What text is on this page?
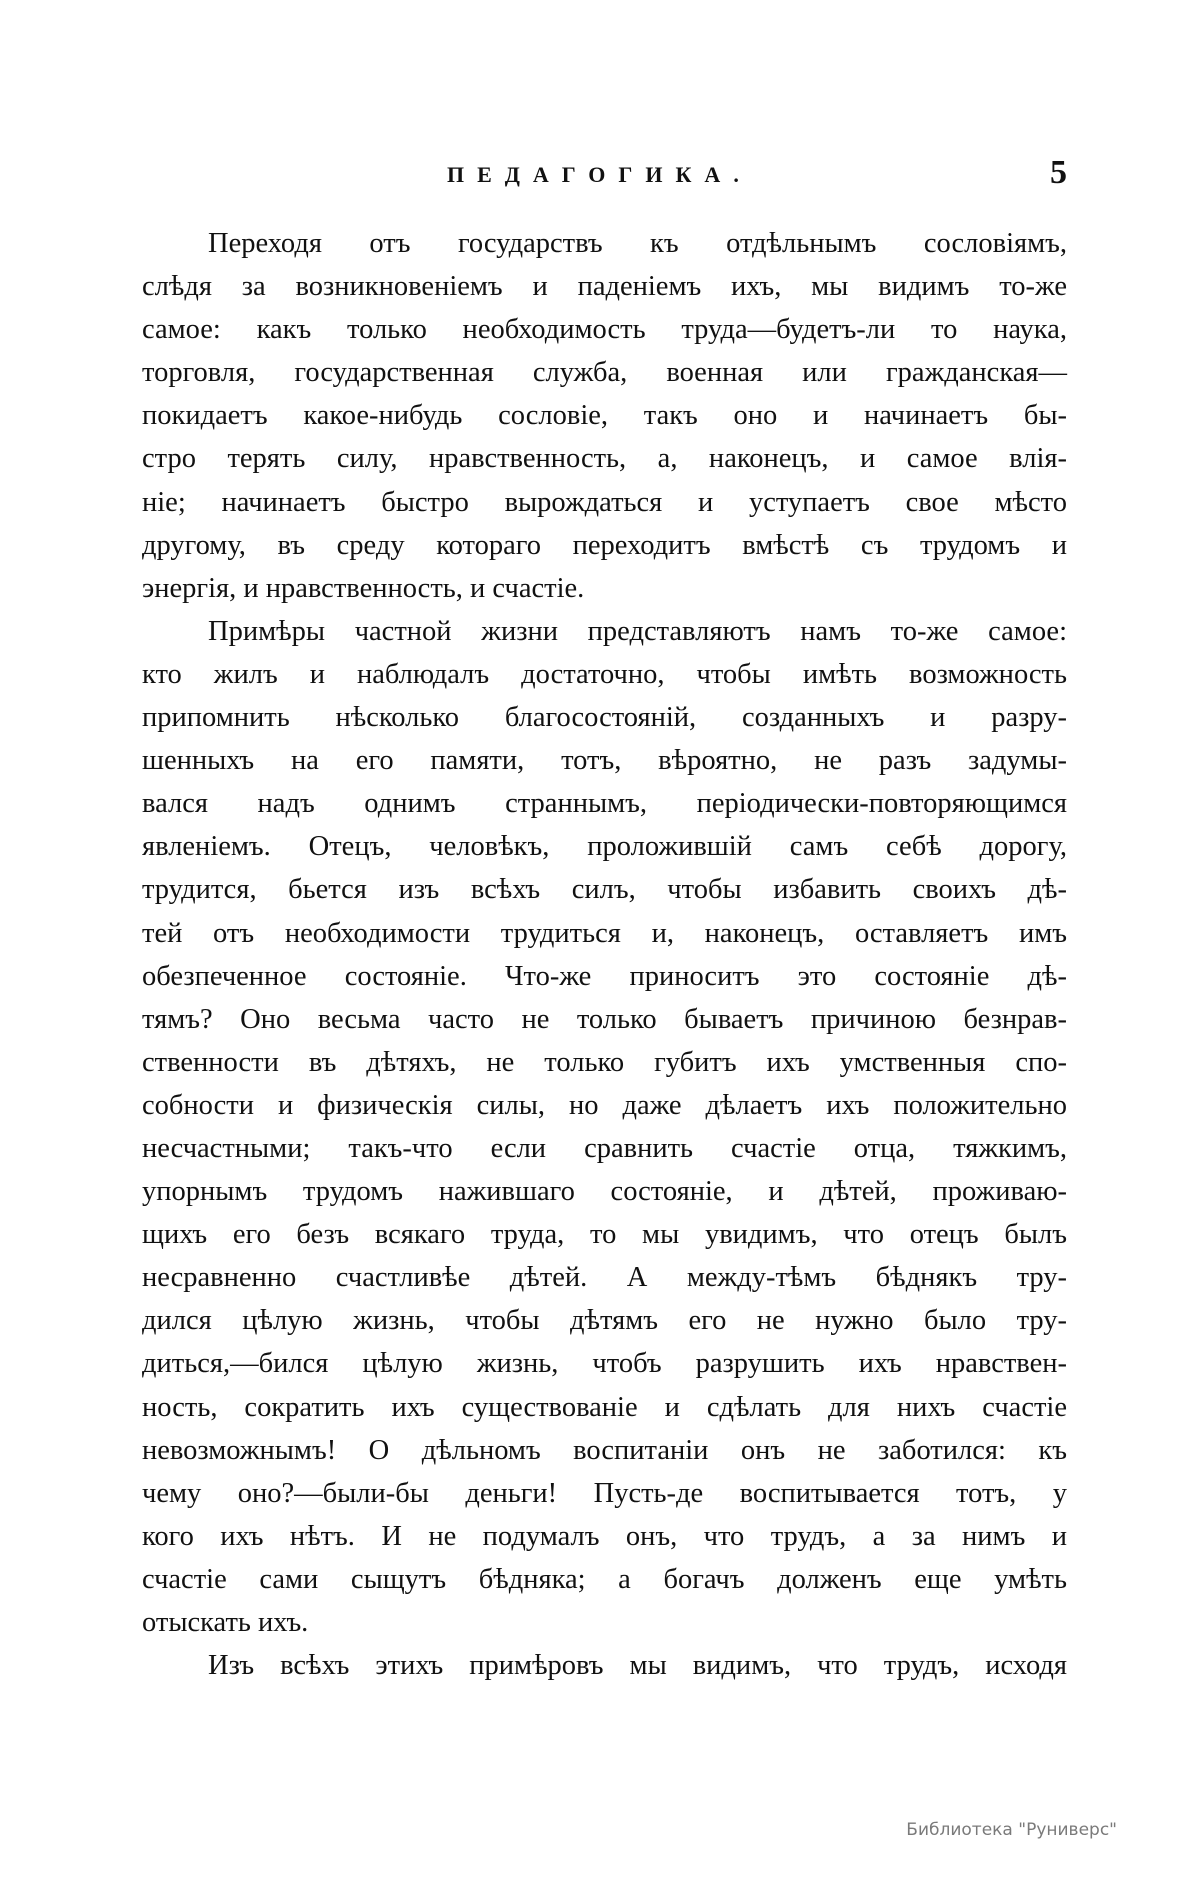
ПЕДАГОГИКА.	5
Переходя отъ государствъ къ отдѣльнымъ сословіямъ,
слѣдя за возникновеніемъ и паденіемъ ихъ, мы видимъ то-же
самое: какъ только необходимость труда—будетъ-ли то наука,
торговля, государственная служба, военная или гражданская—
покидаетъ какое-нибудь сословіе, такъ оно и начинаетъ бы-
стро терять силу, нравственность, а, наконецъ, и самое влія-
ніе; начинаетъ быстро вырождаться и уступаетъ свое мѣсто
другому, въ среду котораго переходитъ вмѣстѣ съ трудомъ и
энергія, и нравственность, и счастіе.
Примѣры частной жизни представляютъ намъ то-же самое:
кто жилъ и наблюдалъ достаточно, чтобы имѣть возможность
припомнить нѣсколько благосостояній, созданныхъ и разру-
шенныхъ на его памяти, тотъ, вѣроятно, не разъ задумы-
вался надъ однимъ страннымъ, періодически-повторяющимся
явленіемъ. Отецъ, человѣкъ, проложившій самъ себѣ дорогу,
трудится, бьется изъ всѣхъ силъ, чтобы избавить своихъ дѣ-
тей отъ необходимости трудиться и, наконецъ, оставляетъ имъ
обезпеченное состояніе. Что-же приноситъ это состояніе дѣ-
тямъ? Оно весьма часто не только бываетъ причиною безнрав-
ственности въ дѣтяхъ, не только губитъ ихъ умственныя спо-
собности и физическія силы, но даже дѣлаетъ ихъ положительно
несчастными; такъ-что если сравнить счастіе отца, тяжкимъ,
упорнымъ трудомъ нажившаго состояніе, и дѣтей, проживаю-
щихъ его безъ всякаго труда, то мы увидимъ, что отецъ былъ
несравненно счастливѣе дѣтей. А между-тѣмъ бѣднякъ тру-
дился цѣлую жизнь, чтобы дѣтямъ его не нужно было тру-
диться,—бился цѣлую жизнь, чтобъ разрушить ихъ нравствен-
ность, сократить ихъ существованіе и сдѣлать для нихъ счастіе
невозможнымъ! О дѣльномъ воспитаніи онъ не заботился: къ
чему оно?—были-бы деньги! Пусть-де воспитывается тотъ, у
кого ихъ нѣтъ. И не подумалъ онъ, что трудъ, а за нимъ и
счастіе сами сыщутъ бѣдняка; а богачъ долженъ еще умѣть
отыскать ихъ.
Изъ всѣхъ этихъ примѣровъ мы видимъ, что трудъ, исходя
Библиотека "Руниверс"
